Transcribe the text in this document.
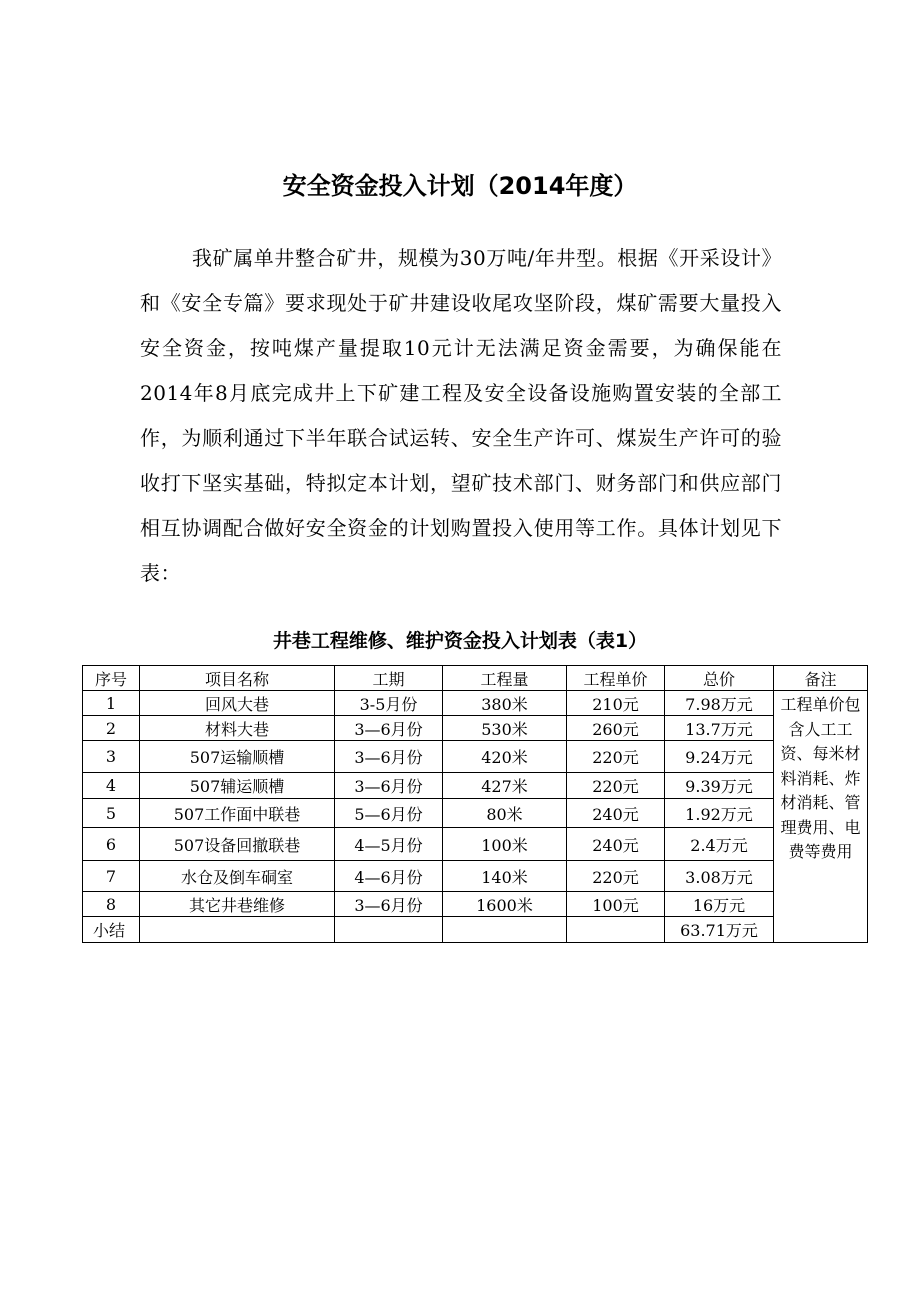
安全资金投入计划（2014年度）

我矿属单井整合矿井，规模为30万吨/年井型。根据《开采设计》和《安全专篇》要求现处于矿井建设收尾攻坚阶段，煤矿需要大量投入安全资金，按吨煤产量提取10元计无法满足资金需要，为确保能在2014年8月底完成井上下矿建工程及安全设备设施购置安装的全部工作，为顺利通过下半年联合试运转、安全生产许可、煤炭生产许可的验收打下坚实基础，特拟定本计划，望矿技术部门、财务部门和供应部门相互协调配合做好安全资金的计划购置投入使用等工作。具体计划见下表：

井巷工程维修、维护资金投入计划表（表1）
序号	项目名称	工期	工程量	工程单价	总价	备注
1	回风大巷	3-5月份	380米	210元	7.98万元	工程单价包含人工工资、每米材料消耗、炸材消耗、管理费用、电费等费用
2	材料大巷	3—6月份	530米	260元	13.7万元	
3	507运输顺槽	3—6月份	420米	220元	9.24万元	
4	507辅运顺槽	3—6月份	427米	220元	9.39万元	
5	507工作面中联巷	5—6月份	80米	240元	1.92万元	
6	507设备回撤联巷	4—5月份	100米	240元	2.4万元	
7	水仓及倒车硐室	4—6月份	140米	220元	3.08万元	
8	其它井巷维修	3—6月份	1600米	100元	16万元	
小结					63.71万元	
